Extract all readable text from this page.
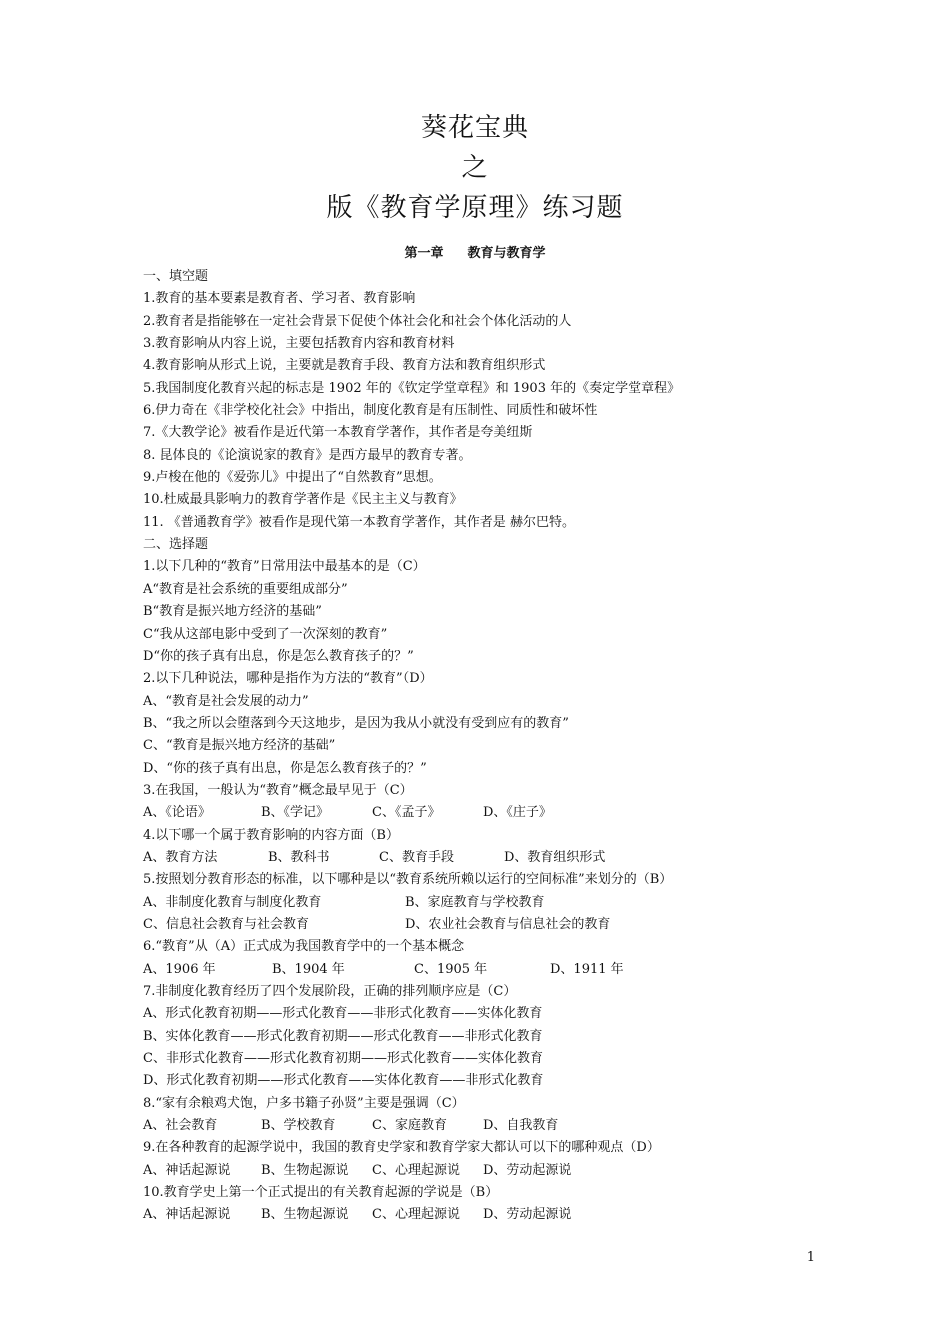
葵花宝典
之
版《教育学原理》练习题
第一章 教育与教育学
一、填空题
1.教育的基本要素是教育者、学习者、教育影响
2.教育者是指能够在一定社会背景下促使个体社会化和社会个体化活动的人
3.教育影响从内容上说，主要包括教育内容和教育材料
4.教育影响从形式上说，主要就是教育手段、教育方法和教育组织形式
5.我国制度化教育兴起的标志是 1902 年的《钦定学堂章程》和 1903 年的《奏定学堂章程》
6.伊力奇在《非学校化社会》中指出，制度化教育是有压制性、同质性和破坏性
7.《大教学论》被看作是近代第一本教育学著作，其作者是夸美纽斯
8. 昆体良的《论演说家的教育》是西方最早的教育专著。
9.卢梭在他的《爱弥儿》中提出了“自然教育”思想。
10.杜威最具影响力的教育学著作是《民主主义与教育》
11. 《普通教育学》被看作是现代第一本教育学著作，其作者是 赫尔巴特。
二、选择题
1.以下几种的“教育”日常用法中最基本的是（C）
A“教育是社会系统的重要组成部分”
B“教育是振兴地方经济的基础”
C“我从这部电影中受到了一次深刻的教育”
D“你的孩子真有出息，你是怎么教育孩子的？”
2.以下几种说法，哪种是指作为方法的“教育”（D）
A、“教育是社会发展的动力”
B、“我之所以会堕落到今天这地步，是因为我从小就没有受到应有的教育”
C、“教育是振兴地方经济的基础”
D、“你的孩子真有出息，你是怎么教育孩子的？”
3.在我国，一般认为“教育”概念最早见于（C）
A、《论语》	B、《学记》	C、《孟子》	D、《庄子》
4.以下哪一个属于教育影响的内容方面（B）
A、教育方法	B、教科书	C、教育手段	D、教育组织形式
5.按照划分教育形态的标准，以下哪种是以“教育系统所赖以运行的空间标准”来划分的（B）
A、非制度化教育与制度化教育	B、家庭教育与学校教育
C、信息社会教育与社会教育	D、农业社会教育与信息社会的教育
6.“教育”从（A）正式成为我国教育学中的一个基本概念
A、1906 年	B、1904 年	C、1905 年	D、1911 年
7.非制度化教育经历了四个发展阶段，正确的排列顺序应是（C）
A、形式化教育初期——形式化教育——非形式化教育——实体化教育
B、实体化教育——形式化教育初期——形式化教育——非形式化教育
C、非形式化教育——形式化教育初期——形式化教育——实体化教育
D、形式化教育初期——形式化教育——实体化教育——非形式化教育
8.“家有余粮鸡犬饱，户多书籍子孙贤”主要是强调（C）
A、社会教育	B、学校教育	C、家庭教育	D、自我教育
9.在各种教育的起源学说中，我国的教育史学家和教育学家大都认可以下的哪种观点（D）
A、神话起源说 B、生物起源说 C、心理起源说 D、劳动起源说
10.教育学史上第一个正式提出的有关教育起源的学说是（B）
A、神话起源说 B、生物起源说 C、心理起源说 D、劳动起源说
1
